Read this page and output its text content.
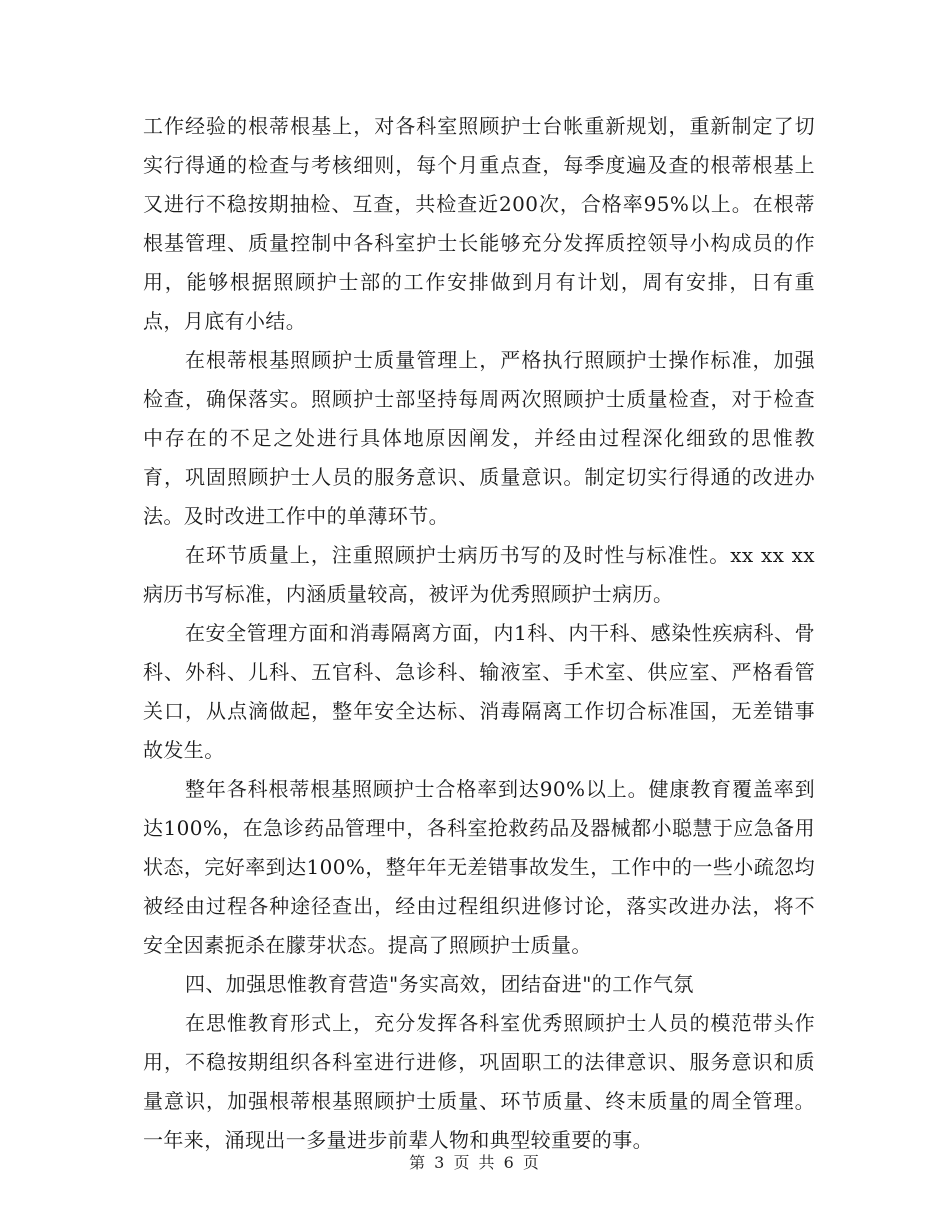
工作经验的根蒂根基上，对各科室照顾护士台帐重新规划，重新制定了切实行得通的检查与考核细则，每个月重点查，每季度遍及查的根蒂根基上又进行不稳按期抽检、互查，共检查近200次，合格率95%以上。在根蒂根基管理、质量控制中各科室护士长能够充分发挥质控领导小构成员的作用，能够根据照顾护士部的工作安排做到月有计划，周有安排，日有重点，月底有小结。

在根蒂根基照顾护士质量管理上，严格执行照顾护士操作标准，加强检查，确保落实。照顾护士部坚持每周两次照顾护士质量检查，对于检查中存在的不足之处进行具体地原因阐发，并经由过程深化细致的思惟教育，巩固照顾护士人员的服务意识、质量意识。制定切实行得通的改进办法。及时改进工作中的单薄环节。

在环节质量上，注重照顾护士病历书写的及时性与标准性。xx xx xx病历书写标准，内涵质量较高，被评为优秀照顾护士病历。

在安全管理方面和消毒隔离方面，内1科、内干科、感染性疾病科、骨科、外科、儿科、五官科、急诊科、输液室、手术室、供应室、严格看管关口，从点滴做起，整年安全达标、消毒隔离工作切合标准国，无差错事故发生。

整年各科根蒂根基照顾护士合格率到达90%以上。健康教育覆盖率到达100%，在急诊药品管理中，各科室抢救药品及器械都小聪慧于应急备用状态，完好率到达100%，整年年无差错事故发生，工作中的一些小疏忽均被经由过程各种途径查出，经由过程组织进修讨论，落实改进办法，将不安全因素扼杀在朦芽状态。提高了照顾护士质量。

四、加强思惟教育营造"务实高效，团结奋进"的工作气氛

在思惟教育形式上，充分发挥各科室优秀照顾护士人员的模范带头作用，不稳按期组织各科室进行进修，巩固职工的法律意识、服务意识和质量意识，加强根蒂根基照顾护士质量、环节质量、终末质量的周全管理。一年来，涌现出一多量进步前辈人物和典型较重要的事。

第 3 页 共 6 页
